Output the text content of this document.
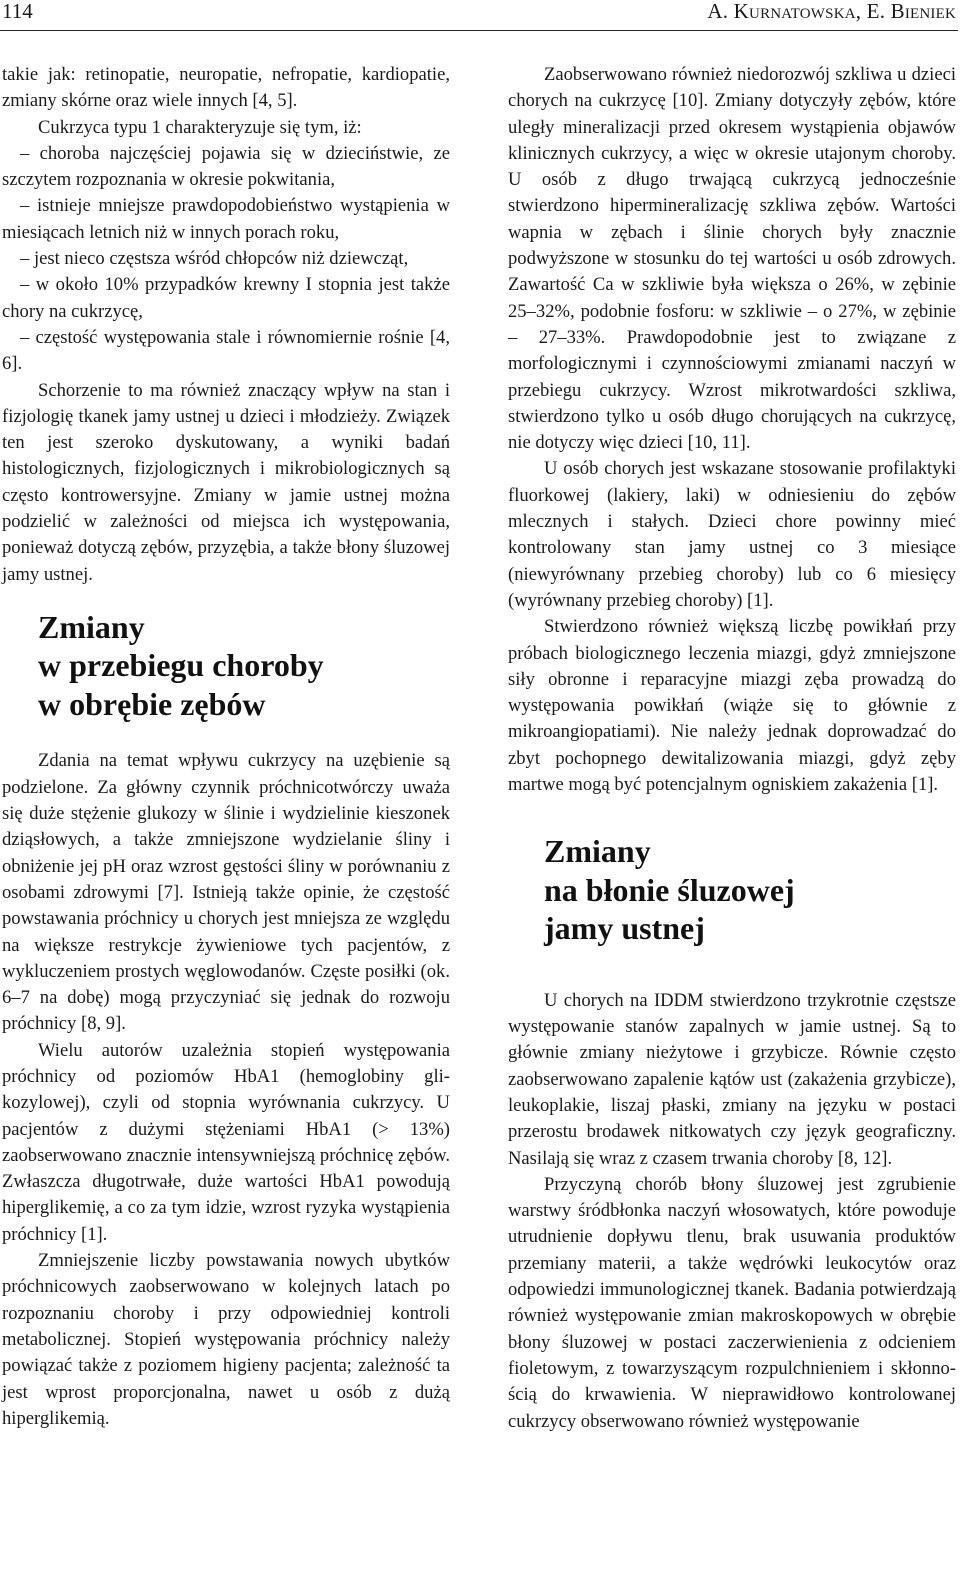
114	A. KURNATOWSKA, E. BIENIEK

takie jak: retinopatie, neuropatie, nefropatie, kardiopatie, zmiany skórne oraz wiele innych [4, 5].

Cukrzyca typu 1 charakteryzuje się tym, iż:

– choroba najczęściej pojawia się w dzieciństwie, ze szczytem rozpoznania w okresie pokwitania,

– istnieje mniejsze prawdopodobieństwo wystąpienia w miesiącach letnich niż w innych porach roku,

– jest nieco częstsza wśród chłopców niż dziewcząt,

– w około 10% przypadków krewny I stopnia jest także chory na cukrzycę,

– częstość występowania stale i równomiernie rośnie [4, 6].

Schorzenie to ma również znaczący wpływ na stan i fizjologię tkanek jamy ustnej u dzieci i młodzieży. Związek ten jest szeroko dyskutowany, a wyniki badań histologicznych, fizjologicznych i mikrobiologicznych są często kontrowersyjne. Zmiany w jamie ustnej można podzielić w zależności od miejsca ich występowania, ponieważ dotyczą zębów, przyzębia, a także błony śluzowej jamy ustnej.

Zmiany
w przebiegu choroby
w obrębie zębów

Zdania na temat wpływu cukrzycy na uzębienie są podzielone. Za główny czynnik próchnicotwórczy uważa się duże stężenie glukozy w ślinie i wydzielinie kieszonek dziąsłowych, a także zmniejszone wydzielanie śliny i obniżenie jej pH oraz wzrost gęstości śliny w porównaniu z osobami zdrowymi [7]. Istnieją także opinie, że częstość powstawania próchnicy u chorych jest mniejsza ze względu na większe restrykcje żywieniowe tych pacjentów, z wykluczeniem prostych węglowodanów. Częste posiłki (ok. 6–7 na dobę) mogą przyczyniać się jednak do rozwoju próchnicy [8, 9].

Wielu autorów uzależnia stopień występowania próchnicy od poziomów HbA1 (hemoglobiny glikozylowej), czyli od stopnia wyrównania cukrzycy. U pacjentów z dużymi stężeniami HbA1 (> 13%) zaobserwowano znacznie intensywniejszą próchnicę zębów. Zwłaszcza długotrwałe, duże wartości HbA1 powodują hiperglikemię, a co za tym idzie, wzrost ryzyka wystąpienia próchnicy [1].

Zmniejszenie liczby powstawania nowych ubytków próchnicowych zaobserwowano w kolejnych latach po rozpoznaniu choroby i przy odpowiedniej kontroli metabolicznej. Stopień występowania próchnicy należy powiązać także z poziomem higieny pacjenta; zależność ta jest wprost proporcjonalna, nawet u osób z dużą hiperglikemią.

Zaobserwowano również niedorozwój szkliwa u dzieci chorych na cukrzycę [10]. Zmiany dotyczyły zębów, które uległy mineralizacji przed okresem wystąpienia objawów klinicznych cukrzycy, a więc w okresie utajonym choroby. U osób z długo trwającą cukrzycą jednocześnie stwierdzono hipermineralizację szkliwa zębów. Wartości wapnia w zębach i ślinie chorych były znacznie podwyższone w stosunku do tej wartości u osób zdrowych. Zawartość Ca w szkliwie była większa o 26%, w zębinie 25–32%, podobnie fosforu: w szkliwie – o 27%, w zębinie – 27–33%. Prawdopodobnie jest to związane z morfologicznymi i czynnościowymi zmianami naczyń w przebiegu cukrzycy. Wzrost mikrotwardości szkliwa, stwierdzono tylko u osób długo chorujących na cukrzycę, nie dotyczy więc dzieci [10, 11].

U osób chorych jest wskazane stosowanie profilaktyki fluorkowej (lakiery, laki) w odniesieniu do zębów mlecznych i stałych. Dzieci chore powinny mieć kontrolowany stan jamy ustnej co 3 miesiące (niewyrównany przebieg choroby) lub co 6 miesięcy (wyrównany przebieg choroby) [1].

Stwierdzono również większą liczbę powikłań przy próbach biologicznego leczenia miazgi, gdyż zmniejszone siły obronne i reparacyjne miazgi zęba prowadzą do występowania powikłań (wiąże się to głównie z mikroangiopatiami). Nie należy jednak doprowadzać do zbyt pochopnego dewitalizowania miazgi, gdyż zęby martwe mogą być potencjalnym ogniskiem zakażenia [1].

Zmiany
na błonie śluzowej
jamy ustnej

U chorych na IDDM stwierdzono trzykrotnie częstsze występowanie stanów zapalnych w jamie ustnej. Są to głównie zmiany nieżytowe i grzybicze. Równie często zaobserwowano zapalenie kątów ust (zakażenia grzybicze), leukoplakie, liszaj płaski, zmiany na języku w postaci przerostu brodawek nitkowatych czy język geograficzny. Nasilają się wraz z czasem trwania choroby [8, 12].

Przyczyną chorób błony śluzowej jest zgrubienie warstwy śródbłonka naczyń włosowatych, które powoduje utrudnienie dopływu tlenu, brak usuwania produktów przemiany materii, a także wędrówki leukocytów oraz odpowiedzi immunologicznej tkanek. Badania potwierdzają również występowanie zmian makroskopowych w obrębie błony śluzowej w postaci zaczerwienienia z odcieniem fioletowym, z towarzyszącym rozpulchnieniem i skłonnością do krwawienia. W nieprawidłowo kontrolowanej cukrzycy obserwowano również występowanie
